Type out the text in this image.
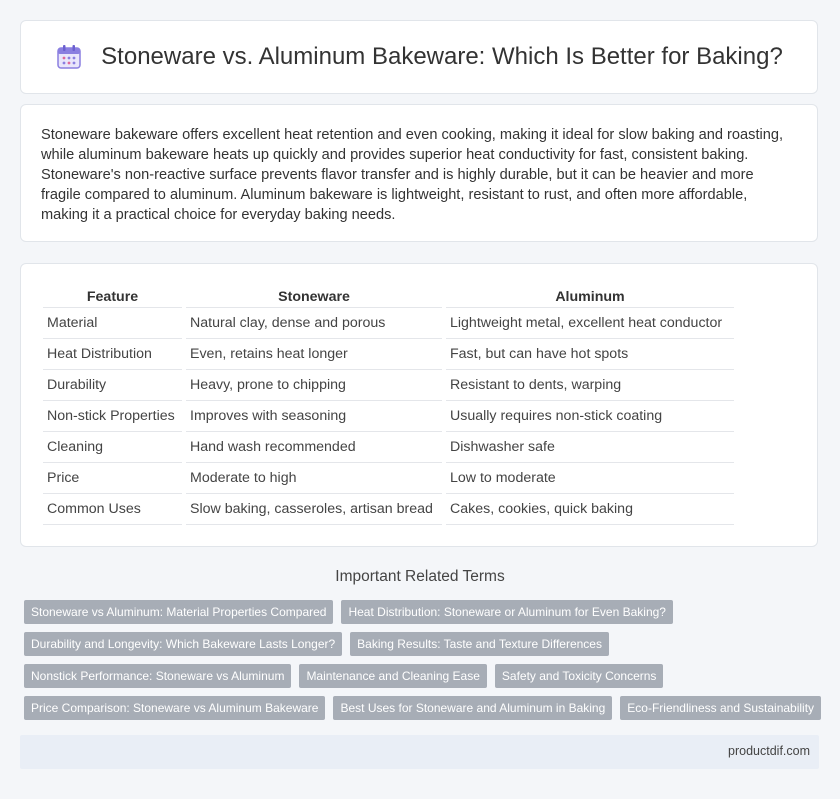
Stoneware vs. Aluminum Bakeware: Which Is Better for Baking?

Stoneware bakeware offers excellent heat retention and even cooking, making it ideal for slow baking and roasting, while aluminum bakeware heats up quickly and provides superior heat conductivity for fast, consistent baking. Stoneware's non-reactive surface prevents flavor transfer and is highly durable, but it can be heavier and more fragile compared to aluminum. Aluminum bakeware is lightweight, resistant to rust, and often more affordable, making it a practical choice for everyday baking needs.

Feature	Stoneware	Aluminum
Material	Natural clay, dense and porous	Lightweight metal, excellent heat conductor
Heat Distribution	Even, retains heat longer	Fast, but can have hot spots
Durability	Heavy, prone to chipping	Resistant to dents, warping
Non-stick Properties	Improves with seasoning	Usually requires non-stick coating
Cleaning	Hand wash recommended	Dishwasher safe
Price	Moderate to high	Low to moderate
Common Uses	Slow baking, casseroles, artisan bread	Cakes, cookies, quick baking
Important Related Terms
Stoneware vs Aluminum: Material Properties Compared	Heat Distribution: Stoneware or Aluminum for Even Baking?
Durability and Longevity: Which Bakeware Lasts Longer?	Baking Results: Taste and Texture Differences
Nonstick Performance: Stoneware vs Aluminum	Maintenance and Cleaning Ease	Safety and Toxicity Concerns
Price Comparison: Stoneware vs Aluminum Bakeware	Best Uses for Stoneware and Aluminum in Baking	Eco-Friendliness and Sustainability
productdif.com
